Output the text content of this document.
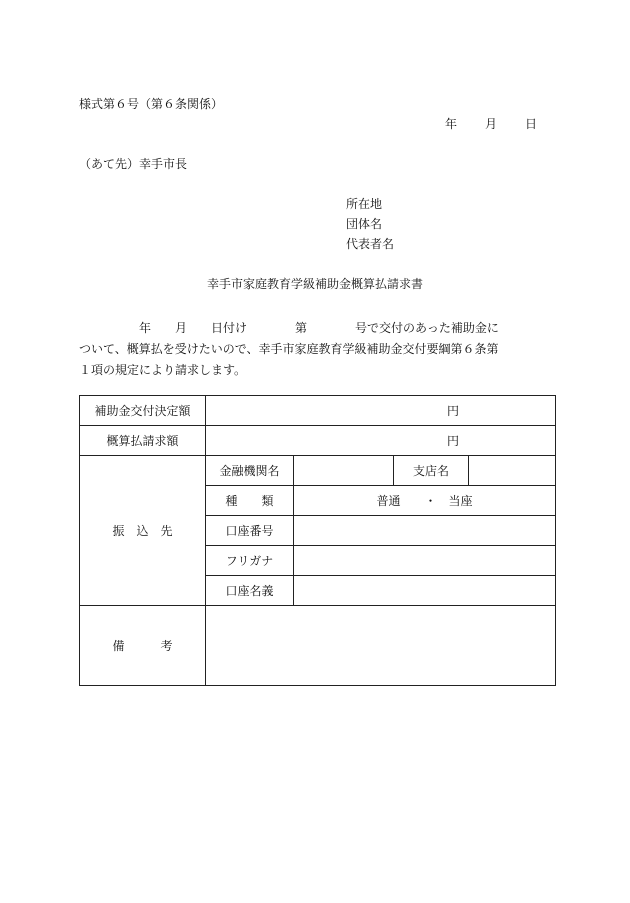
様式第６号（第６条関係）
年 月 日
（あて先）幸手市長
所在地
団体名
代表者名
幸手市家庭教育学級補助金概算払請求書
　　　　　年　　月　　日付け　　　　第　　　　号で交付のあった補助金に
ついて、概算払を受けたいので、幸手市家庭教育学級補助金交付要綱第６条第
１項の規定により請求します。
補助金交付決定額	円			
概算払請求額	円			
振　込　先	金融機関名		支店名	
	種　　類	普通　　・　当座		
	口座番号			
	フリガナ			
	口座名義			
備　　　考				
